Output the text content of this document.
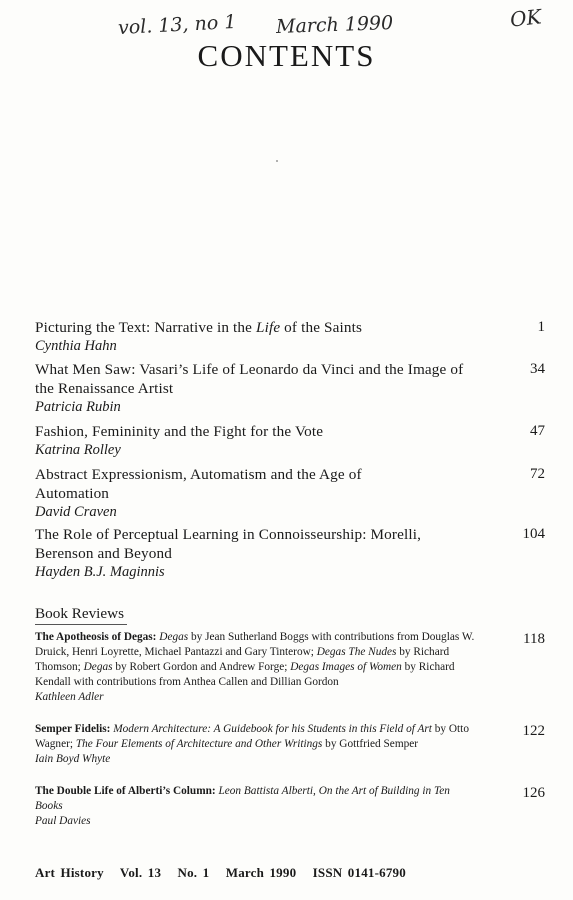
vol. 13, no 1 March 1990	OK
CONTENTS
Picturing the Text: Narrative in the Life of the Saints
Cynthia Hahn
1
What Men Saw: Vasari’s Life of Leonardo da Vinci and the Image of the Renaissance Artist
Patricia Rubin
34
Fashion, Femininity and the Fight for the Vote
Katrina Rolley
47
Abstract Expressionism, Automatism and the Age of Automation
David Craven
72
The Role of Perceptual Learning in Connoisseurship: Morelli, Berenson and Beyond
Hayden B.J. Maginnis
104
Book Reviews
The Apotheosis of Degas: Degas by Jean Sutherland Boggs with contributions from Douglas W. Druick, Henri Loyrette, Michael Pantazzi and Gary Tinterow; Degas The Nudes by Richard Thomson; Degas by Robert Gordon and Andrew Forge; Degas Images of Women by Richard Kendall with contributions from Anthea Callen and Dillian Gordon
Kathleen Adler
118
Semper Fidelis: Modern Architecture: A Guidebook for his Students in this Field of Art by Otto Wagner; The Four Elements of Architecture and Other Writings by Gottfried Semper
Iain Boyd Whyte
122
The Double Life of Alberti’s Column: Leon Battista Alberti, On the Art of Building in Ten Books
Paul Davies
126
Art History   Vol. 13   No. 1   March 1990   ISSN 0141-6790
